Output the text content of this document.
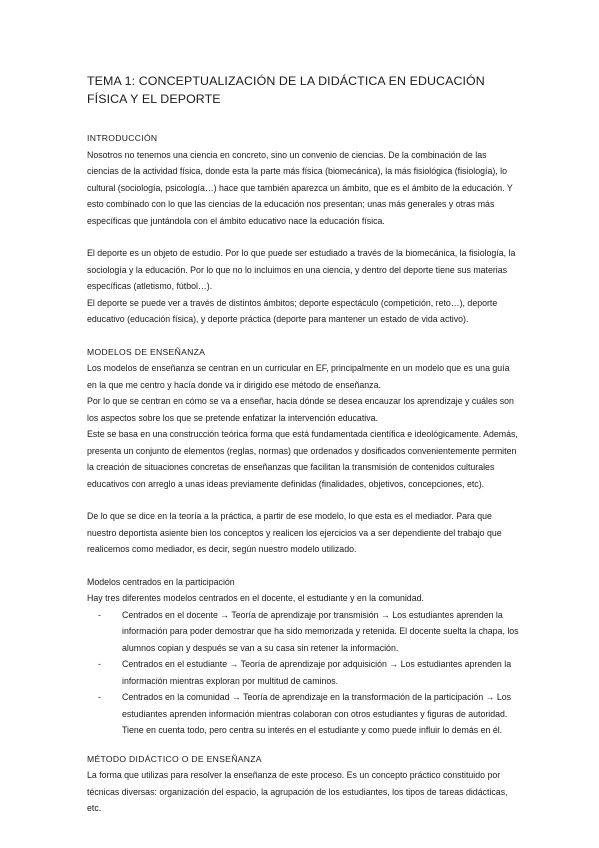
TEMA 1: CONCEPTUALIZACIÓN DE LA DIDÁCTICA EN EDUCACIÓN FÍSICA Y EL DEPORTE
INTRODUCCIÓN

Nosotros no tenemos una ciencia en concreto, sino un convenio de ciencias. De la combinación de las ciencias de la actividad física, donde esta la parte más física (biomecánica), la más fisiológica (fisiología), lo cultural (sociología, psicología…) hace que también aparezca un ámbito, que es el ámbito de la educación. Y esto combinado con lo que las ciencias de la educación nos presentan; unas más generales y otras más específicas que juntándola con el ámbito educativo nace la educación física.

El deporte es un objeto de estudio. Por lo que puede ser estudiado a través de la biomecánica, la fisiología, la sociología y la educación. Por lo que no lo incluimos en una ciencia, y dentro del deporte tiene sus materias específicas (atletismo, fútbol…).

El deporte se puede ver a través de distintos ámbitos; deporte espectáculo (competición, reto…), deporte educativo (educación física), y deporte práctica (deporte para mantener un estado de vida activo).

MODELOS DE ENSEÑANZA

Los modelos de enseñanza se centran en un curricular en EF, principalmente en un modelo que es una guía en la que me centro y hacía donde va ir dirigido ese método de enseñanza.

Por lo que se centran en cómo se va a enseñar, hacia dónde se desea encauzar los aprendizaje y cuáles son los aspectos sobre los que se pretende enfatizar la intervención educativa.

Este se basa en una construcción teórica forma que está fundamentada científica e ideológicamente. Además, presenta un conjunto de elementos (reglas, normas) que ordenados y dosificados convenientemente permiten la creación de situaciones concretas de enseñanzas que facilitan la transmisión de contenidos culturales educativos con arreglo a unas ideas previamente definidas (finalidades, objetivos, concepciones, etc).

De lo que se dice en la teoría a la práctica, a partir de ese modelo, lo que esta es el mediador. Para que nuestro deportista asiente bien los conceptos y realicen los ejercicios va a ser dependiente del trabajo que realicemos como mediador, es decir, según nuestro modelo utilizado.

Modelos centrados en la participación

Hay tres diferentes modelos centrados en el docente, el estudiante y en la comunidad.

- Centrados en el docente → Teoría de aprendizaje por transmisión → Los estudiantes aprenden la información para poder demostrar que ha sido memorizada y retenida. El docente suelta la chapa, los alumnos copian y después se van a su casa sin retener la información.
- Centrados en el estudiante → Teoría de aprendizaje por adquisición → Los estudiantes aprenden la información mientras exploran por multitud de caminos.
- Centrados en la comunidad → Teoría de aprendizaje en la transformación de la participación → Los estudiantes aprenden información mientras colaboran con otros estudiantes y figuras de autoridad. Tiene en cuenta todo, pero centra su interés en el estudiante y como puede influir lo demás en él.
MÉTODO DIDÁCTICO O DE ENSEÑANZA

La forma que utilizas para resolver la enseñanza de este proceso. Es un concepto práctico constituido por técnicas diversas: organización del espacio, la agrupación de los estudiantes, los tipos de tareas didácticas, etc.
